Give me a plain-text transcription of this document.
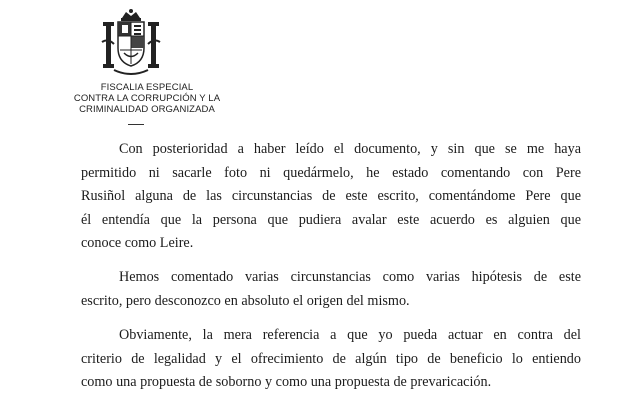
FISCALIA ESPECIAL
CONTRA LA CORRUPCIÓN Y LA
CRIMINALIDAD ORGANIZADA
Con posterioridad a haber leído el documento, y sin que se me haya
permitido ni sacarle foto ni quedármelo, he estado comentando con Pere
Rusiñol alguna de las circunstancias de este escrito, comentándome Pere que
él entendía que la persona que pudiera avalar este acuerdo es alguien que
conoce como Leire.
Hemos comentado varias circunstancias como varias hipótesis de este
escrito, pero desconozco en absoluto el origen del mismo.
Obviamente, la mera referencia a que yo pueda actuar en contra del
criterio de legalidad y el ofrecimiento de algún tipo de beneficio lo entiendo
como una propuesta de soborno y como una propuesta de prevaricación.
